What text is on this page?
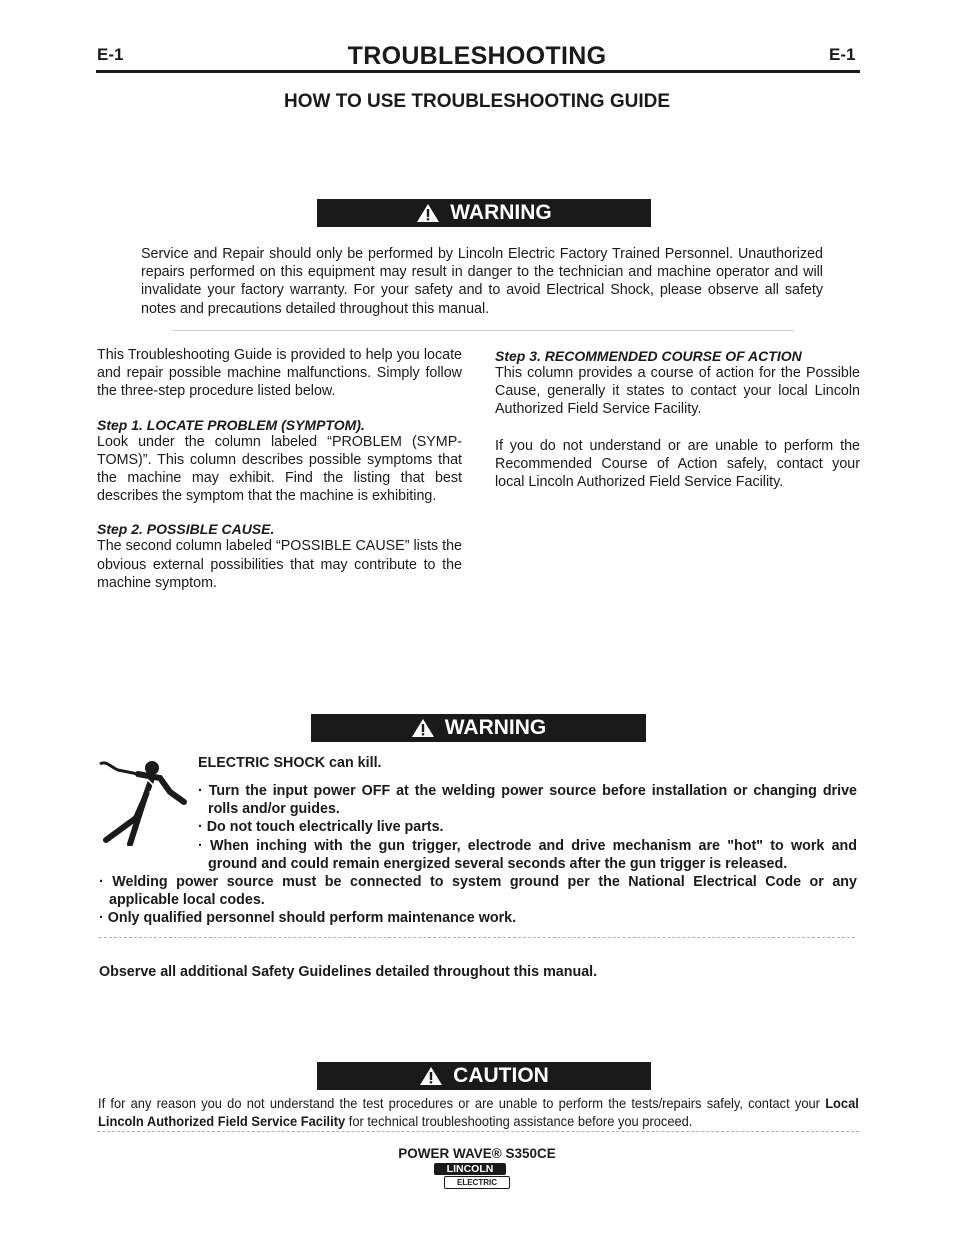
E-1	E-1
TROUBLESHOOTING
HOW TO USE TROUBLESHOOTING GUIDE
WARNING
Service and Repair should only be performed by Lincoln Electric Factory Trained Personnel. Unauthorized repairs performed on this equipment may result in danger to the technician and machine operator and will invalidate your factory warranty. For your safety and to avoid Electrical Shock, please observe all safety notes and precautions detailed throughout this manual.
This Troubleshooting Guide is provided to help you locate and repair possible machine malfunctions. Simply follow the three-step procedure listed below.
Step 1. LOCATE PROBLEM (SYMPTOM).
Look under the column labeled “PROBLEM (SYMP-TOMS)”. This column describes possible symptoms that the machine may exhibit. Find the listing that best describes the symptom that the machine is exhibiting.
Step 2. POSSIBLE CAUSE.
The second column labeled “POSSIBLE CAUSE” lists the obvious external possibilities that may contribute to the machine symptom.
Step 3. RECOMMENDED COURSE OF ACTION
This column provides a course of action for the Possible Cause, generally it states to contact your local Lincoln Authorized Field Service Facility.
If you do not understand or are unable to perform the Recommended Course of Action safely, contact your local Lincoln Authorized Field Service Facility.
WARNING
ELECTRIC SHOCK can kill.
· Turn the input power OFF at the welding power source before installation or changing drive rolls and/or guides.
· Do not touch electrically live parts.
· When inching with the gun trigger, electrode and drive mechanism are "hot" to work and ground and could remain energized several seconds after the gun trigger is released.
· Welding power source must be connected to system ground per the National Electrical Code or any applicable local codes.
· Only qualified personnel should perform maintenance work.
Observe all additional Safety Guidelines detailed throughout this manual.
CAUTION
If for any reason you do not understand the test procedures or are unable to perform the tests/repairs safely, contact your Local Lincoln Authorized Field Service Facility for technical troubleshooting assistance before you proceed.
POWER WAVE® S350CE
LINCOLN
ELECTRIC
